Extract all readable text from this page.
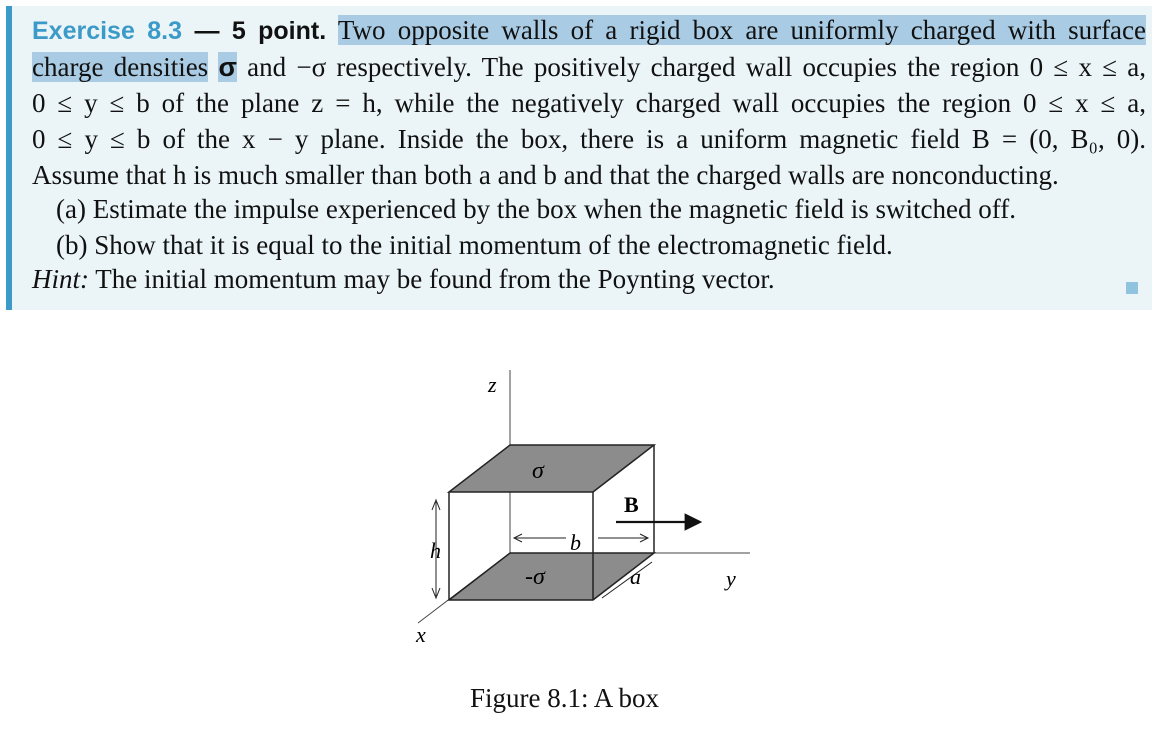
Exercise 8.3 — 5 point. Two opposite walls of a rigid box are uniformly charged with surface
charge densities σ and −σ respectively. The positively charged wall occupies the region 0 ≤ x ≤ a,
0 ≤ y ≤ b of the plane z = h, while the negatively charged wall occupies the region 0 ≤ x ≤ a,
0 ≤ y ≤ b of the x − y plane. Inside the box, there is a uniform magnetic field B = (0, B₀, 0).
Assume that h is much smaller than both a and b and that the charged walls are nonconducting.
(a) Estimate the impulse experienced by the box when the magnetic field is switched off.
(b) Show that it is equal to the initial momentum of the electromagnetic field.
Hint: The initial momentum may be found from the Poynting vector.
z
x
y
σ
-σ
h	b
a
B
Figure 8.1: A box
